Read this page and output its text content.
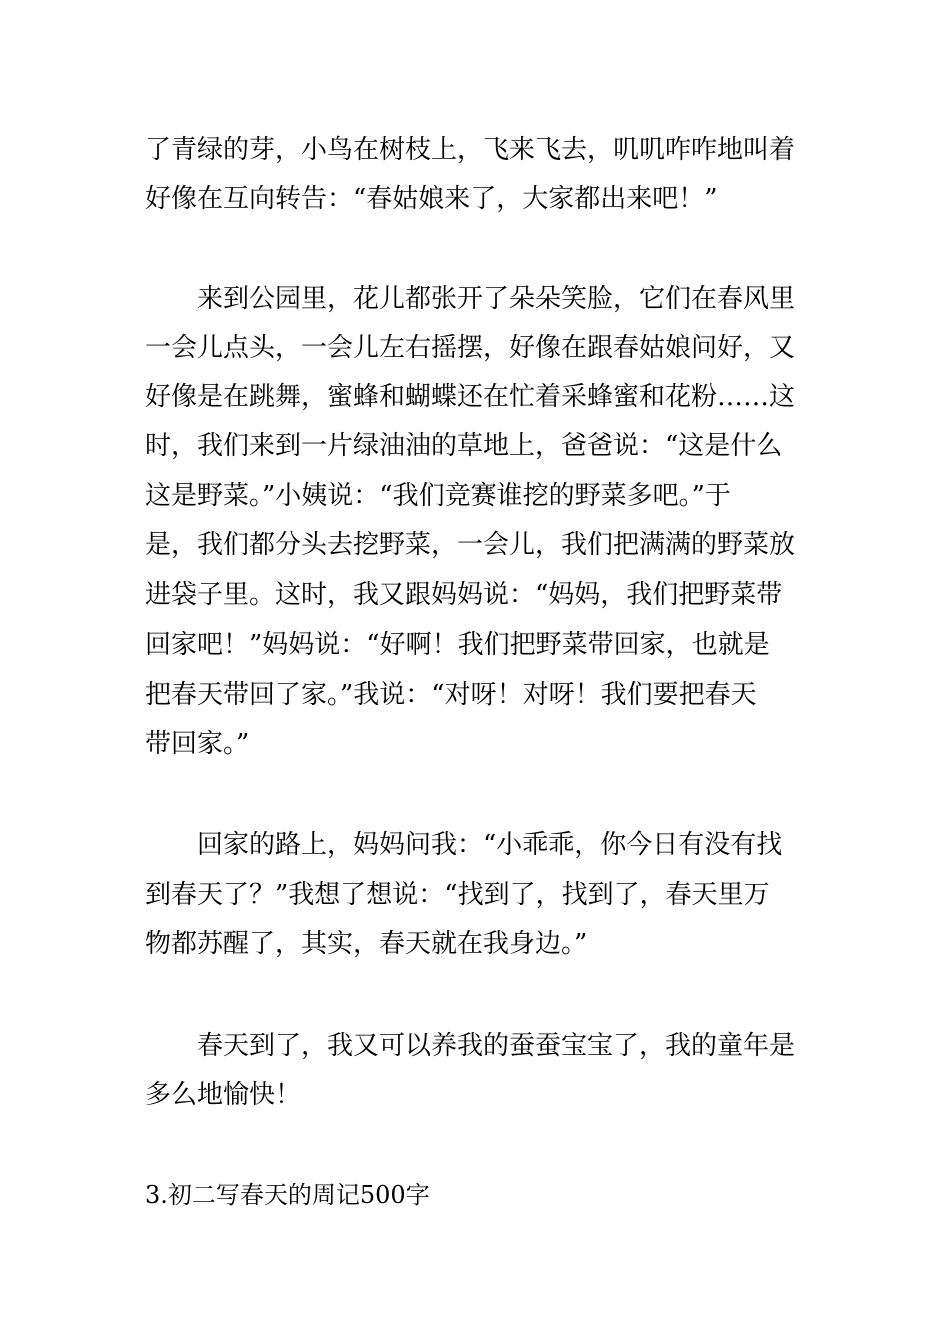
了青绿的芽，小鸟在树枝上，飞来飞去，叽叽咋咋地叫着
好像在互向转告：“春姑娘来了，大家都出来吧！”
来到公园里，花儿都张开了朵朵笑脸，它们在春风里
一会儿点头，一会儿左右摇摆，好像在跟春姑娘问好，又
好像是在跳舞，蜜蜂和蝴蝶还在忙着采蜂蜜和花粉……这
时，我们来到一片绿油油的草地上，爸爸说：“这是什么
这是野菜。”小姨说：“我们竞赛谁挖的野菜多吧。”于
是，我们都分头去挖野菜，一会儿，我们把满满的野菜放
进袋子里。这时，我又跟妈妈说：“妈妈，我们把野菜带
回家吧！”妈妈说：“好啊！我们把野菜带回家，也就是
把春天带回了家。”我说：“对呀！对呀！我们要把春天
带回家。”
回家的路上，妈妈问我：“小乖乖，你今日有没有找
到春天了？”我想了想说：“找到了，找到了，春天里万
物都苏醒了，其实，春天就在我身边。”
春天到了，我又可以养我的蚕蚕宝宝了，我的童年是
多么地愉快！
3.初二写春天的周记500字
